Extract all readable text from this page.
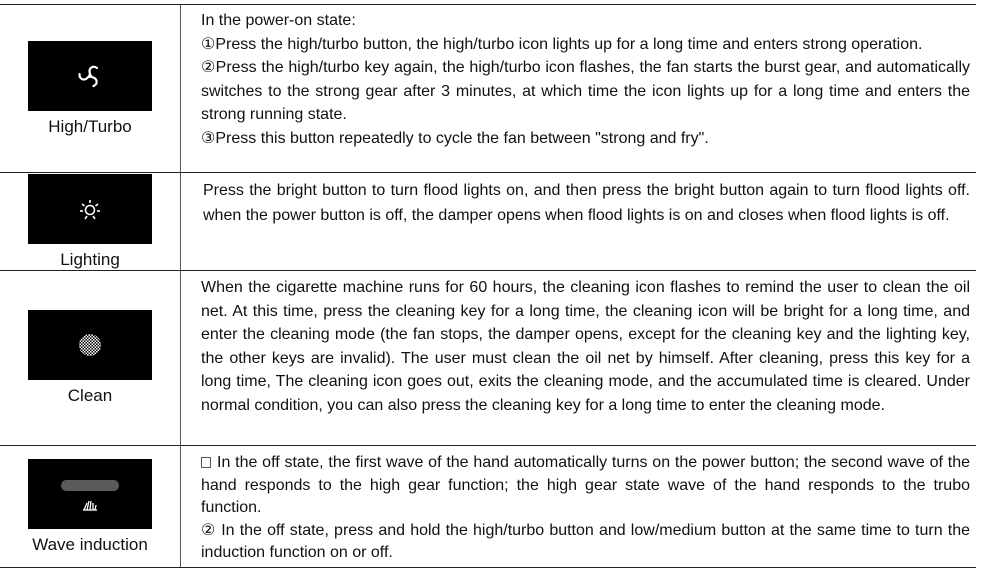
High/Turbo

In the power-on state:

①Press the high/turbo button, the high/turbo icon lights up for a long time and enters strong operation.

②Press the high/turbo key again, the high/turbo icon flashes, the fan starts the burst gear, and automatically switches to the strong gear after 3 minutes, at which time the icon lights up for a long time and enters the strong running state.

③Press this button repeatedly to cycle the fan between "strong and fry".

Lighting

Press the bright button to turn flood lights on, and then press the bright button again to turn flood lights off. when the power button is off, the damper opens when flood lights is on and closes when flood lights is off.

Clean

When the cigarette machine runs for 60 hours, the cleaning icon flashes to remind the user to clean the oil net. At this time, press the cleaning key for a long time, the cleaning icon will be bright for a long time, and enter the cleaning mode (the fan stops, the damper opens, except for the cleaning key and the lighting key, the other keys are invalid). The user must clean the oil net by himself. After cleaning, press this key for a long time, The cleaning icon goes out, exits the cleaning mode, and the accumulated time is cleared. Under normal condition, you can also press the cleaning key for a long time to enter the cleaning mode.

Wave induction

In the off state, the first wave of the hand automatically turns on the power button; the second wave of the hand responds to the high gear function; the high gear state wave of the hand responds to the trubo function.

② In the off state, press and hold the high/turbo button and low/medium button at the same time to turn the induction function on or off.
